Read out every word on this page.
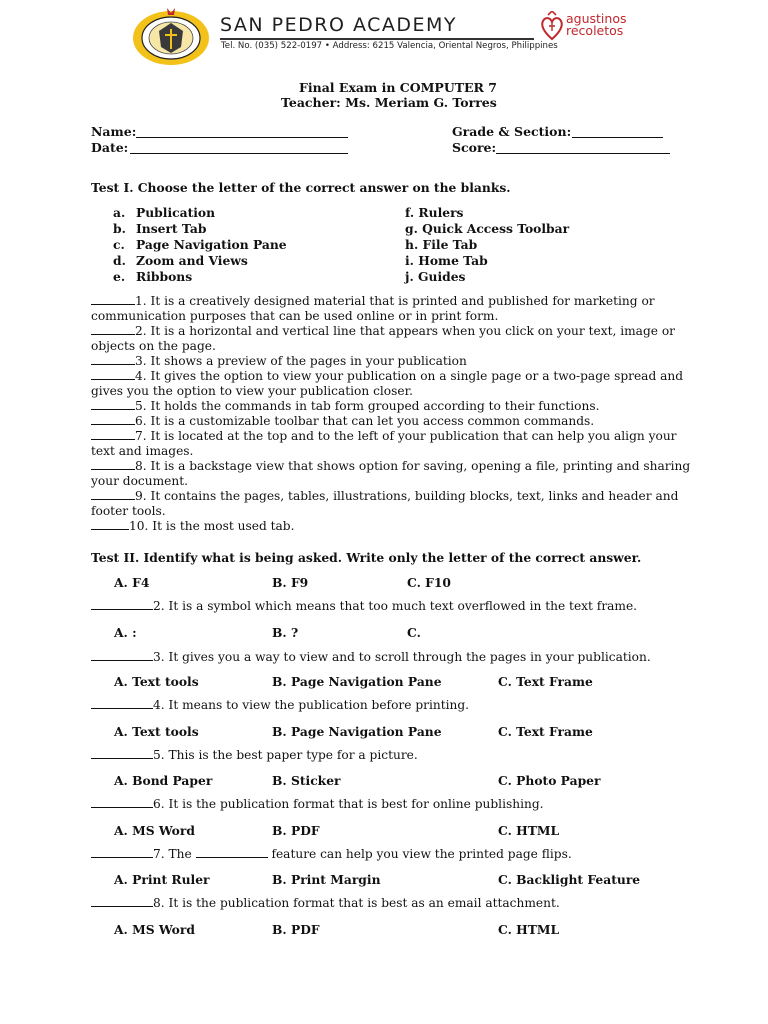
SAN PEDRO ACADEMY
Tel. No. (035) 522-0197 • Address: 6215 Valencia, Oriental Negros, Philippines
agustinos
recoletos
Final Exam in COMPUTER 7
Teacher: Ms. Meriam G. Torres
Name:
Date:
Grade & Section:
Score:
Test I. Choose the letter of the correct answer on the blanks.
a. Publication
b. Insert Tab
c. Page Navigation Pane
d. Zoom and Views
e. Ribbons
f. Rulers
g. Quick Access Toolbar
h. File Tab
i. Home Tab
j. Guides
1. It is a creatively designed material that is printed and published for marketing or
communication purposes that can be used online or in print form.
2. It is a horizontal and vertical line that appears when you click on your text, image or
objects on the page.
3. It shows a preview of the pages in your publication
4. It gives the option to view your publication on a single page or a two-page spread and
gives you the option to view your publication closer.
5. It holds the commands in tab form grouped according to their functions.
6. It is a customizable toolbar that can let you access common commands.
7. It is located at the top and to the left of your publication that can help you align your
text and images.
8. It is a backstage view that shows option for saving, opening a file, printing and sharing
your document.
9. It contains the pages, tables, illustrations, building blocks, text, links and header and
footer tools.
10. It is the most used tab.
Test II. Identify what is being asked. Write only the letter of the correct answer.
A. F4	B. F9	C. F10
2. It is a symbol which means that too much text overflowed in the text frame.
A. :	B. ?	C.
3. It gives you a way to view and to scroll through the pages in your publication.
A. Text tools	B. Page Navigation Pane	C. Text Frame
4. It means to view the publication before printing.
A. Text tools	B. Page Navigation Pane	C. Text Frame
5. This is the best paper type for a picture.
A. Bond Paper	B. Sticker	C. Photo Paper
6. It is the publication format that is best for online publishing.
A. MS Word	B. PDF	C. HTML
7. The	feature can help you view the printed page flips.
A. Print Ruler	B. Print Margin	C. Backlight Feature
8. It is the publication format that is best as an email attachment.
A. MS Word	B. PDF	C. HTML
